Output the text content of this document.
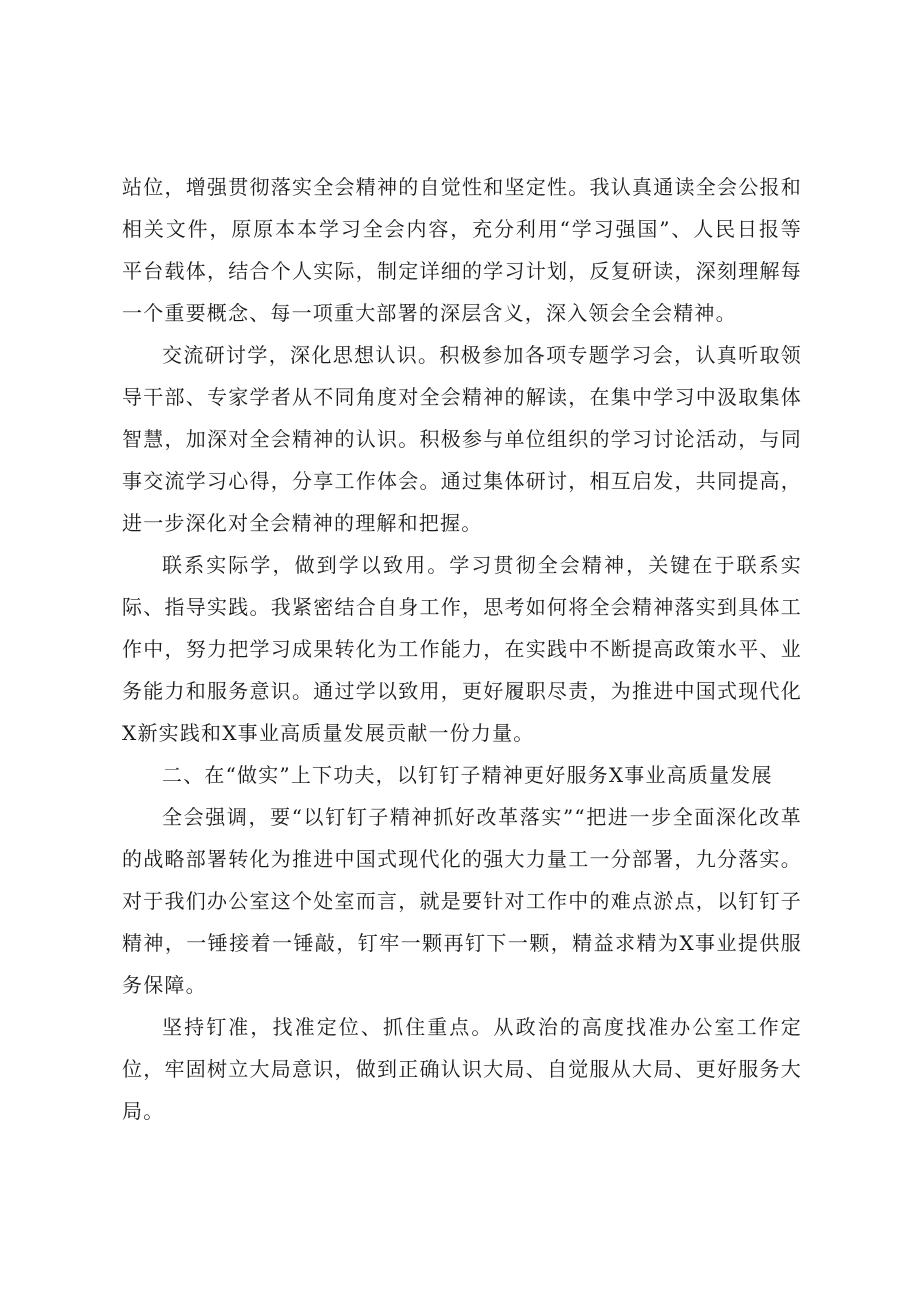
站位，增强贯彻落实全会精神的自觉性和坚定性。我认真通读全会公报和相关文件，原原本本学习全会内容，充分利用“学习强国”、人民日报等平台载体，结合个人实际，制定详细的学习计划，反复研读，深刻理解每一个重要概念、每一项重大部署的深层含义，深入领会全会精神。

交流研讨学，深化思想认识。积极参加各项专题学习会，认真听取领导干部、专家学者从不同角度对全会精神的解读，在集中学习中汲取集体智慧，加深对全会精神的认识。积极参与单位组织的学习讨论活动，与同事交流学习心得，分享工作体会。通过集体研讨，相互启发，共同提高，进一步深化对全会精神的理解和把握。

联系实际学，做到学以致用。学习贯彻全会精神，关键在于联系实际、指导实践。我紧密结合自身工作，思考如何将全会精神落实到具体工作中，努力把学习成果转化为工作能力，在实践中不断提高政策水平、业务能力和服务意识。通过学以致用，更好履职尽责，为推进中国式现代化X新实践和X事业高质量发展贡献一份力量。

二、在“做实”上下功夫，以钉钉子精神更好服务X事业高质量发展

全会强调，要“以钉钉子精神抓好改革落实”“把进一步全面深化改革的战略部署转化为推进中国式现代化的强大力量工一分部署，九分落实。对于我们办公室这个处室而言，就是要针对工作中的难点淤点，以钉钉子精神，一锤接着一锤敲，钉牢一颗再钉下一颗，精益求精为X事业提供服务保障。

坚持钉准，找准定位、抓住重点。从政治的高度找准办公室工作定位，牢固树立大局意识，做到正确认识大局、自觉服从大局、更好服务大局。
